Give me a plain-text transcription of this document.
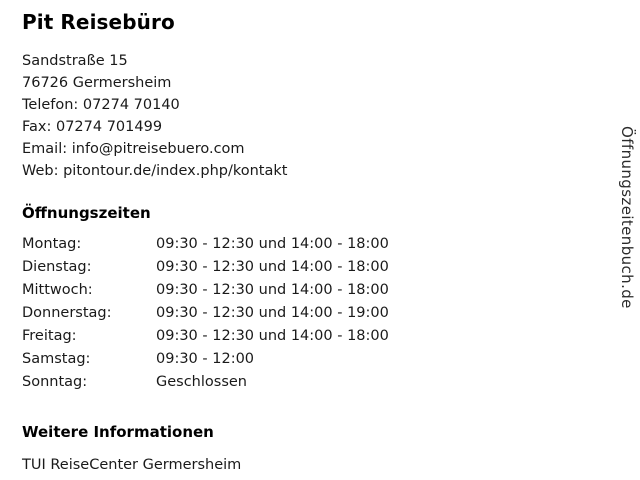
Pit Reisebüro
Sandstraße 15
76726 Germersheim
Telefon: 07274 70140
Fax: 07274 701499
Email: info@pitreisebuero.com
Web: pitontour.de/index.php/kontakt
Öffnungszeiten
Montag:	09:30 - 12:30 und 14:00 - 18:00
Dienstag:	09:30 - 12:30 und 14:00 - 18:00
Mittwoch:	09:30 - 12:30 und 14:00 - 18:00
Donnerstag:	09:30 - 12:30 und 14:00 - 19:00
Freitag:	09:30 - 12:30 und 14:00 - 18:00
Samstag:	09:30 - 12:00
Sonntag:	Geschlossen
Weitere Informationen
TUI ReiseCenter Germersheim
Öffnungszeitenbuch.de
